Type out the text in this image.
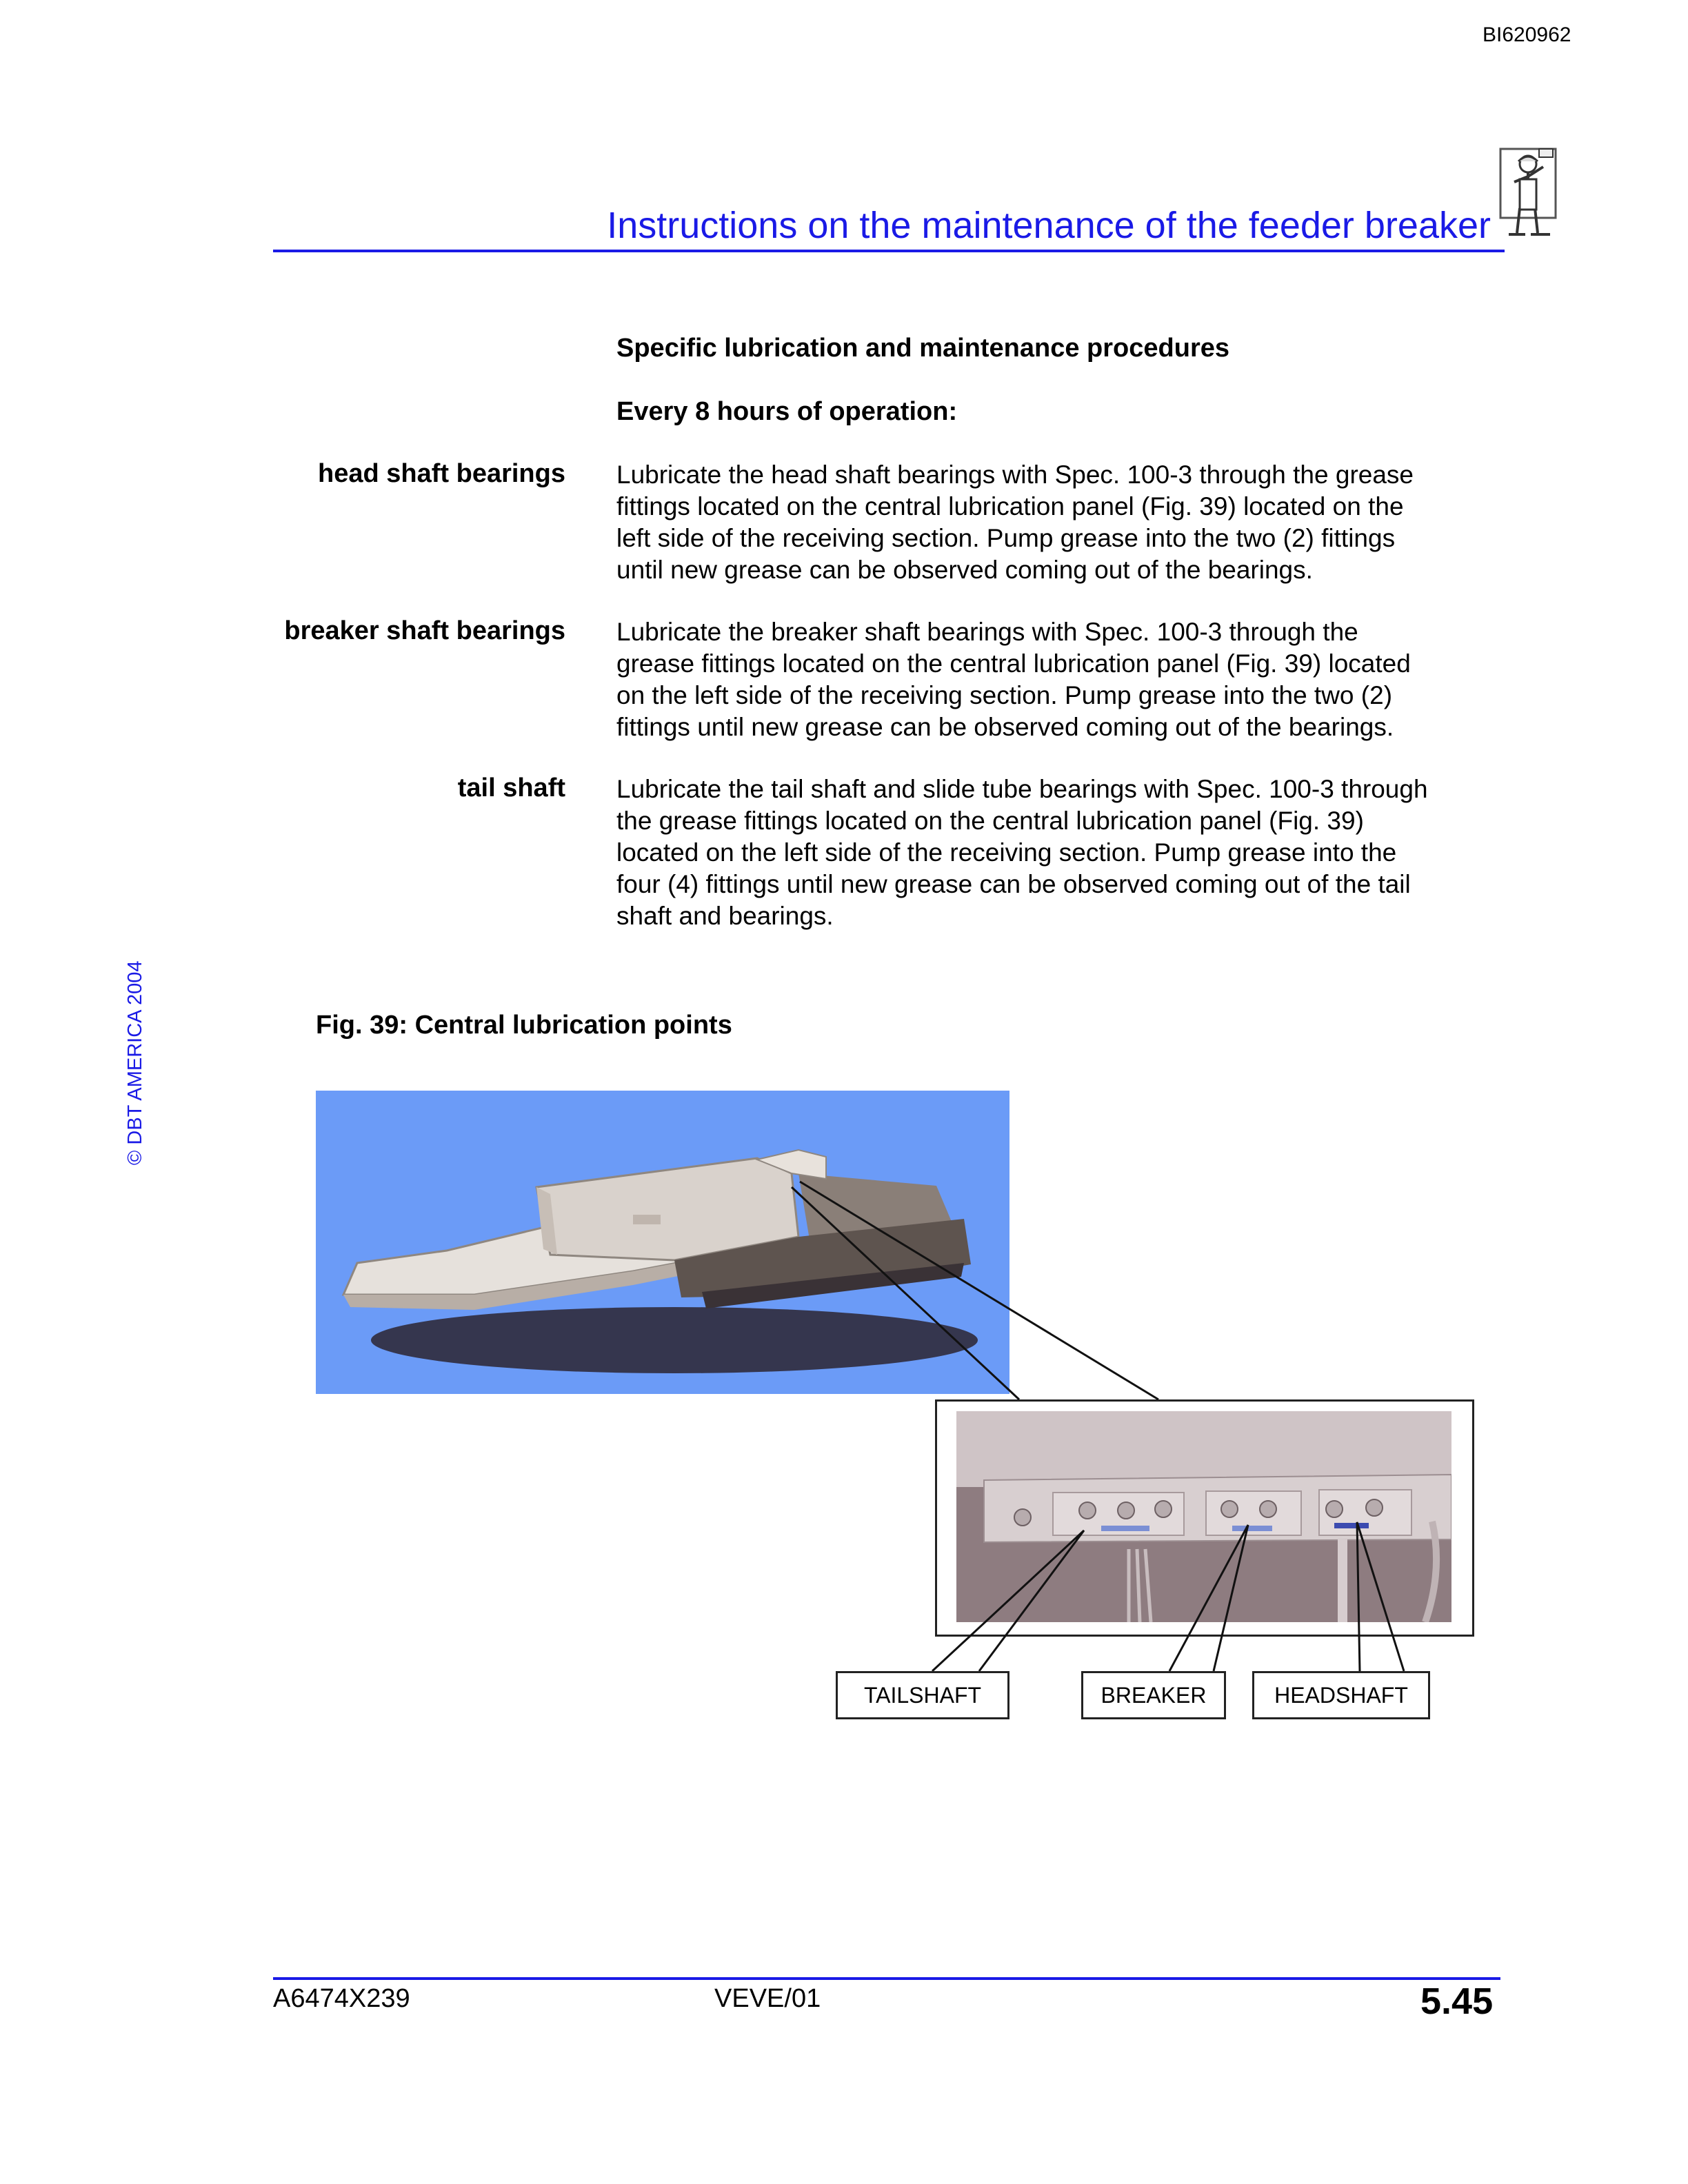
BI620962
Instructions on the maintenance of the feeder breaker
Specific lubrication and maintenance procedures
Every 8 hours of operation:
head shaft bearings Lubricate the head shaft bearings with Spec. 100-3 through the grease
fittings located on the central lubrication panel (Fig. 39) located on the
left side of the receiving section. Pump grease into the two (2) fittings
until new grease can be observed coming out of the bearings.
breaker shaft bearings Lubricate the breaker shaft bearings with Spec. 100-3 through the
grease fittings located on the central lubrication panel (Fig. 39) located
on the left side of the receiving section. Pump grease into the two (2)
fittings until new grease can be observed coming out of the bearings.
tail shaft Lubricate the tail shaft and slide tube bearings with Spec. 100-3 through
the grease fittings located on the central lubrication panel (Fig. 39)
located on the left side of the receiving section. Pump grease into the
four (4) fittings until new grease can be observed coming out of the tail
shaft and bearings.
© DBT AMERICA 2004	Fig. 39: Central lubrication points
TAILSHAFT	BREAKER	HEADSHAFT
A6474X239	VEVE/01	5.45
